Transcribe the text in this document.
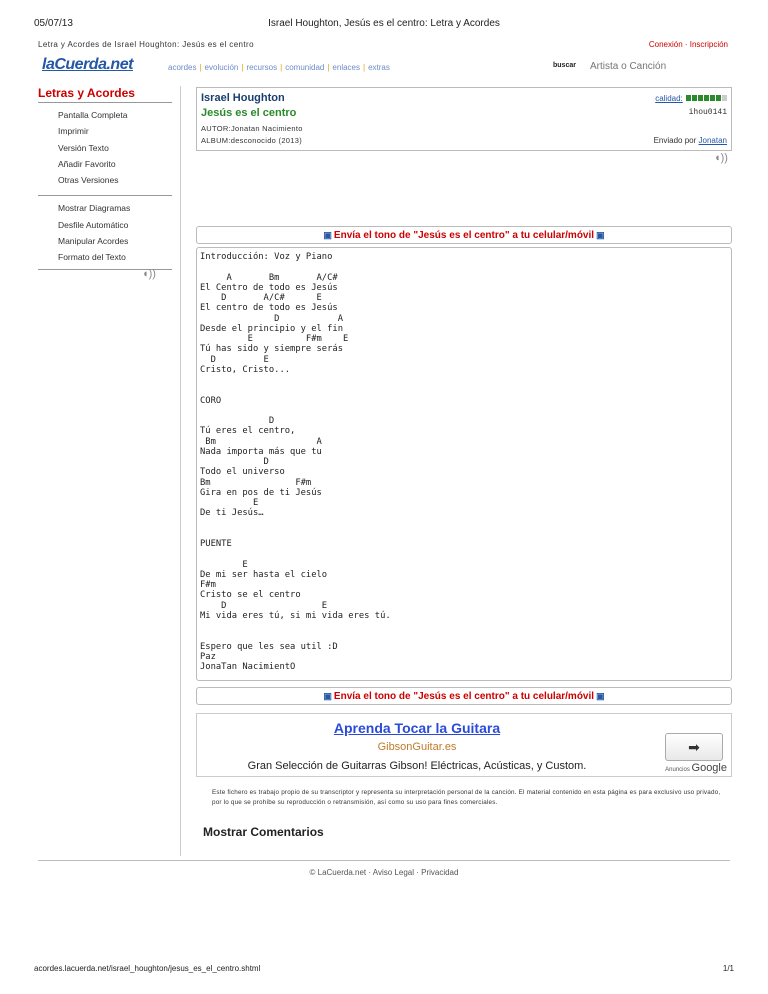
05/07/13	Israel Houghton, Jesús es el centro: Letra y Acordes
Letra y Acordes de Israel Houghton: Jesús es el centro	Conexión · Inscripción
laCuerda.net	acordes | evolución | recursos | comunidad | enlaces | extras	buscar
Artista o Canción
Letras y Acordes
Pantalla Completa
Imprimir
Versión Texto
Añadir Favorito
Otras Versiones
Mostrar Diagramas
Desfile Automático
Manipular Acordes
Formato del Texto
◖))
Israel Houghton
Jesús es el centro
AUTOR:Jonatan Nacimiento
ALBUM:desconocido (2013)
calidad:
ihou0141
Enviado por Jonatan
◖))
▣ Envía el tono de "Jesús es el centro" a tu celular/móvil ▣
Introducción: Voz y Piano

A       Bm       A/C#
El Centro de todo es Jesús
D       A/C#      E
El centro de todo es Jesús
D           A
Desde el principio y el fin
E          F#m    E
Tú has sido y siempre serás
D         E
Cristo, Cristo...

CORO

D
Tú eres el centro,
Bm                   A
Nada importa más que tu
D
Todo el universo
Bm                F#m
Gira en pos de ti Jesús
E
De ti Jesús…

PUENTE

E
De mi ser hasta el cielo
F#m
Cristo se el centro
D                  E
Mi vida eres tú, si mi vida eres tú.

Espero que les sea util :D
Paz
JonaTan NacimientO
▣ Envía el tono de "Jesús es el centro" a tu celular/móvil ▣
Aprenda Tocar la Guitara
GibsonGuitar.es
Gran Selección de Guitarras Gibson! Eléctricas, Acústicas, y Custom.
➡
Anuncios Google
Este fichero es trabajo propio de su transcriptor y representa su interpretación personal de la canción. El material contenido en esta página es para exclusivo uso privado, por lo que se prohíbe su reproducción o retransmisión, así como su uso para fines comerciales.
Mostrar Comentarios
© LaCuerda.net · Aviso Legal · Privacidad
acordes.lacuerda.net/israel_houghton/jesus_es_el_centro.shtml	1/1
